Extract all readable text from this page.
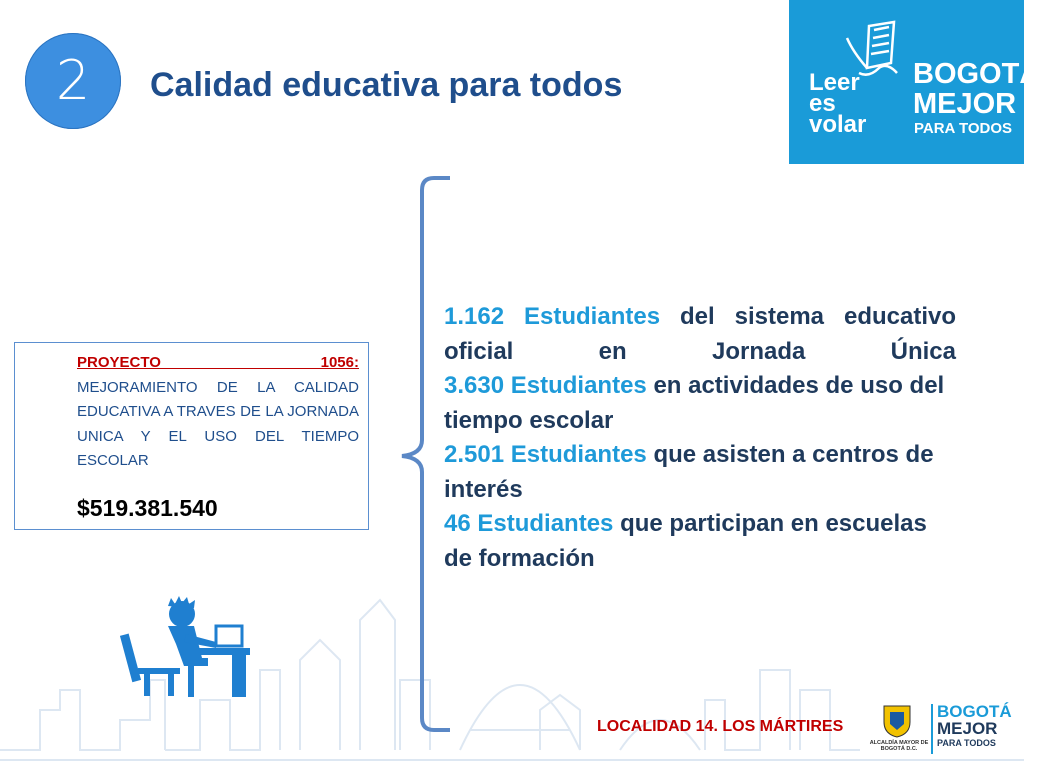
2 Calidad educativa para todos	Leer
es
volar
BOGOTÁ
MEJOR
PARA TODOS
PROYECTO 1056:
MEJORAMIENTO DE LA CALIDAD EDUCATIVA A TRAVES DE LA JORNADA UNICA Y EL USO DEL TIEMPO ESCOLAR
$519.381.540
1.162 Estudiantes del sistema educativo oficial en Jornada Única
3.630 Estudiantes en actividades de uso del tiempo escolar
2.501 Estudiantes que asisten a centros de interés
46 Estudiantes que participan en escuelas de formación
LOCALIDAD 14. LOS MÁRTIRES
ALCALDÍA MAYOR DE BOGOTÁ D.C.
BOGOTÁ
MEJOR
PARA TODOS
